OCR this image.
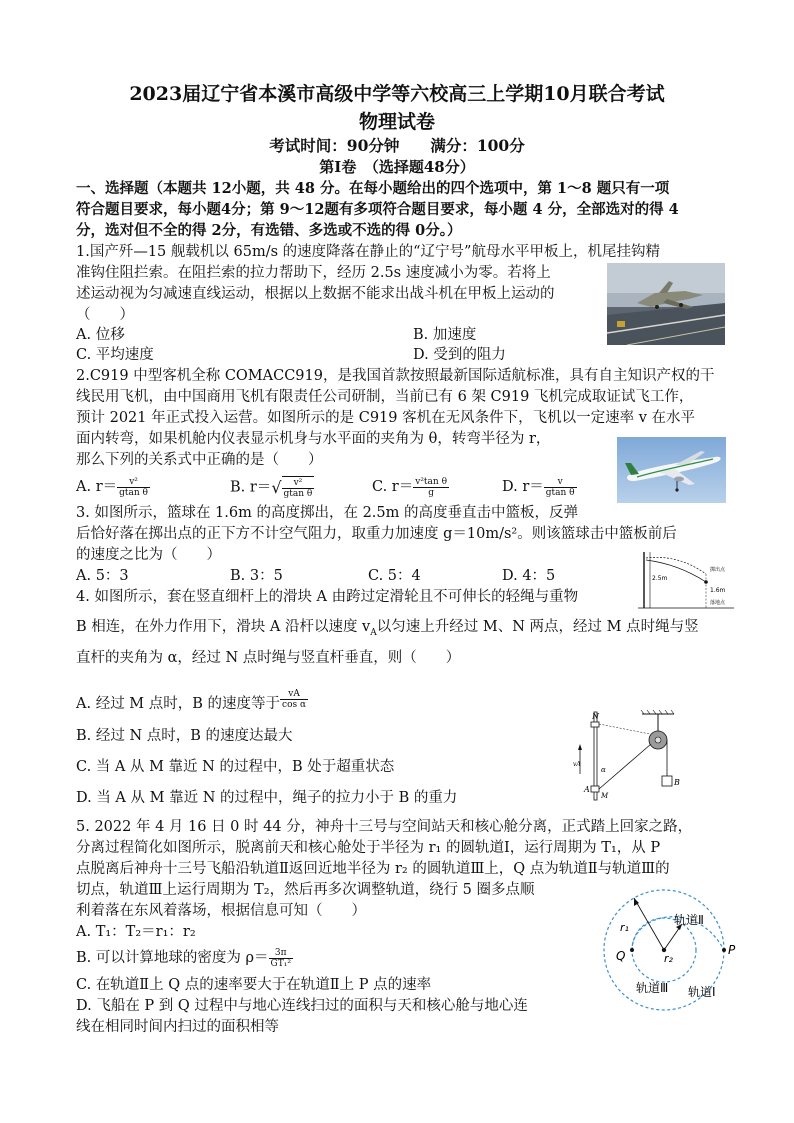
2023届辽宁省本溪市高级中学等六校高三上学期10月联合考试
物理试卷
考试时间：90分钟　　满分：100分
第Ⅰ卷　（选择题48分）
一、选择题（本题共 12小题，共 48 分。在每小题给出的四个选项中，第 1～8 题只有一项
符合题目要求，每小题4分；第 9～12题有多项符合题目要求，每小题 4 分，全部选对的得 4
分，选对但不全的得 2分，有选错、多选或不选的得 0分。）
1.国产歼—15 舰载机以 65m/s 的速度降落在静止的“辽宁号”航母水平甲板上，机尾挂钩精
准钩住阻拦索。在阻拦索的拉力帮助下，经历 2.5s 速度减小为零。若将上
述运动视为匀减速直线运动，根据以上数据不能求出战斗机在甲板上运动的
（　　）
A. 位移	B. 加速度
C. 平均速度	D. 受到的阻力
2.C919 中型客机全称 COMACC919，是我国首款按照最新国际适航标准，具有自主知识产权的干
线民用飞机，由中国商用飞机有限责任公司研制，当前已有 6 架 C919 飞机完成取证试飞工作，
预计 2021 年正式投入运营。如图所示的是 C919 客机在无风条件下，飞机以一定速率 v 在水平
面内转弯，如果机舱内仪表显示机身与水平面的夹角为 θ，转弯半径为 r，
那么下列的关系式中正确的是（　　）
A. $r= \frac{\text{v²}}{\text{gtan θ}}$	B. $r=√ \frac{\text{v²}}{\text{gtan θ}}$	C. $r= \frac{\text{v²tan θ}}{g}$	D. $r= \frac{v}{\text{gtan θ}}$
3. 如图所示，篮球在 1.6m 的高度掷出，在 2.5m 的高度垂直击中篮板，反弹
后恰好落在掷出点的正下方不计空气阻力，取重力加速度 g＝10m/s²。则该篮球击中篮板前后
的速度之比为（　　）
A. 5：3	B. 3：5	C. 5：4	D. 4：5	2.5m
1.6m
掷出点
落地点
4. 如图所示，套在竖直细杆上的滑块 A 由跨过定滑轮且不可伸长的轻绳与重物
B 相连，在外力作用下，滑块 A 沿杆以速度 $v_A$以匀速上升经过 M、N 两点，经过 M 点时绳与竖
直杆的夹角为 α，经过 N 点时绳与竖直杆垂直，则（　　）
A. 经过 M 点时，B 的速度等于 $\frac{vA}{\text{cos α}}$
B. 经过 N 点时，B 的速度达最大
C. 当 A 从 M 靠近 N 的过程中，B 处于超重状态
D. 当 A 从 M 靠近 N 的过程中，绳子的拉力小于 B 的重力
N
M
A
B
vA
α
5. 2022 年 4 月 16 日 0 时 44 分，神舟十三号与空间站天和核心舱分离，正式踏上回家之路，
分离过程简化如图所示，脱离前天和核心舱处于半径为 r₁ 的圆轨道Ⅰ，运行周期为 T₁，从 P
点脱离后神舟十三号飞船沿轨道Ⅱ返回近地半径为 r₂ 的圆轨道Ⅲ上，Q 点为轨道Ⅱ与轨道Ⅲ的
切点，轨道Ⅲ上运行周期为 T₂，然后再多次调整轨道，绕行 5 圈多点顺
利着落在东风着落场，根据信息可知（　　）
A. T₁：T₂＝r₁：r₂
B. 可以计算地球的密度为 $\rho= \frac{3\pi}{\text{GT₁²}}$
C. 在轨道Ⅱ上 Q 点的速率要大于在轨道Ⅱ上 P 点的速率
D. 飞船在 P 到 Q 过程中与地心连线扫过的面积与天和核心舱与地心连
线在相同时间内扫过的面积相等
r₁
r₂
轨道Ⅱ
轨道Ⅲ 轨道Ⅰ
Q	P
